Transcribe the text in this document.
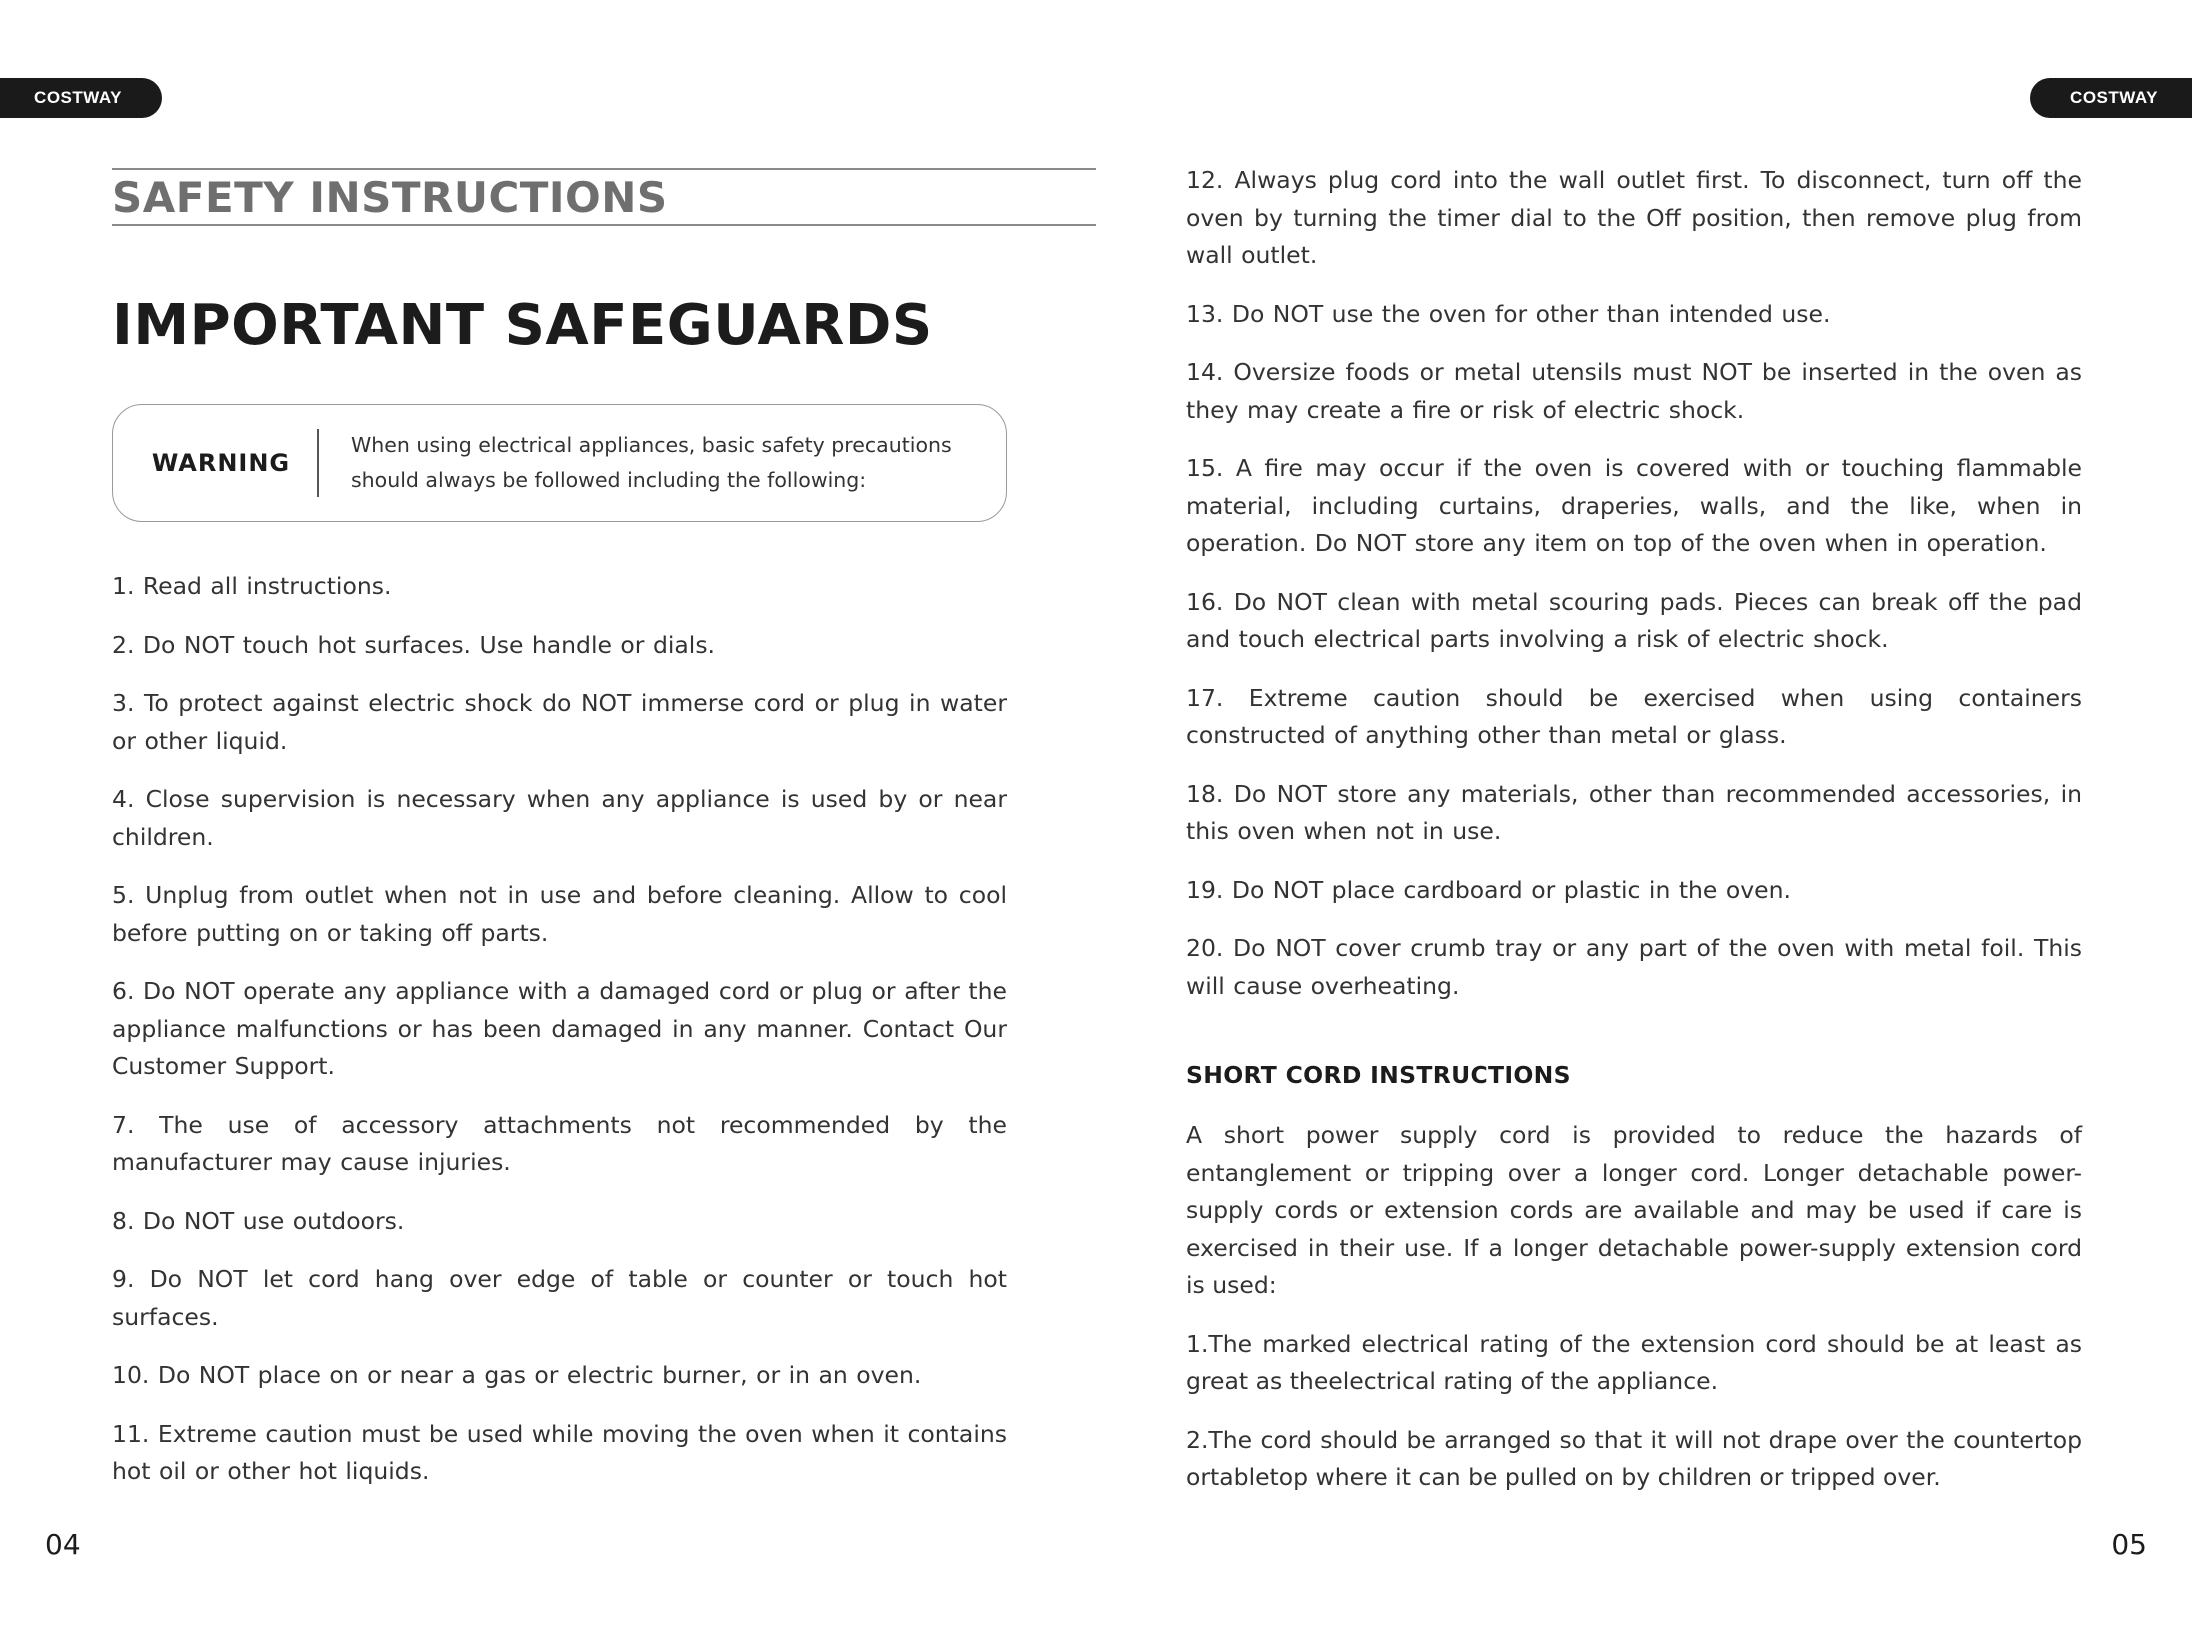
COSTWAY	COSTWAY
SAFETY INSTRUCTIONS
IMPORTANT SAFEGUARDS
WARNING
When using electrical appliances, basic safety precautions
should always be followed including the following:
1. Read all instructions.
2. Do NOT touch hot surfaces. Use handle or dials.
3. To protect against electric shock do NOT immerse cord or plug in water or other liquid.
4. Close supervision is necessary when any appliance is used by or near children.
5. Unplug from outlet when not in use and before cleaning. Allow to cool before putting on or taking off parts.
6. Do NOT operate any appliance with a damaged cord or plug or after the appliance malfunctions or has been damaged in any manner. Contact Our Customer Support.
7. The use of accessory attachments not recommended by the manufacturer may cause injuries.
8. Do NOT use outdoors.
9. Do NOT let cord hang over edge of table or counter or touch hot surfaces.
10. Do NOT place on or near a gas or electric burner, or in an oven.
11. Extreme caution must be used while moving the oven when it contains hot oil or other hot liquids.
12. Always plug cord into the wall outlet first. To disconnect, turn off the oven by turning the timer dial to the Off position, then remove plug from wall outlet.
13. Do NOT use the oven for other than intended use.
14. Oversize foods or metal utensils must NOT be inserted in the oven as they may create a fire or risk of electric shock.
15. A fire may occur if the oven is covered with or touching flammable material, including curtains, draperies, walls, and the like, when in operation. Do NOT store any item on top of the oven when in operation.
16. Do NOT clean with metal scouring pads. Pieces can break off the pad and touch electrical parts involving a risk of electric shock.
17. Extreme caution should be exercised when using containers constructed of anything other than metal or glass.
18. Do NOT store any materials, other than recommended accessories, in this oven when not in use.
19. Do NOT place cardboard or plastic in the oven.
20. Do NOT cover crumb tray or any part of the oven with metal foil. This will cause overheating.
SHORT CORD INSTRUCTIONS

A short power supply cord is provided to reduce the hazards of entanglement or tripping over a longer cord. Longer detachable power-supply cords or extension cords are available and may be used if care is exercised in their use. If a longer detachable power-supply extension cord is used:

1.The marked electrical rating of the extension cord should be at least as great as theelectrical rating of the appliance.

2.The cord should be arranged so that it will not drape over the countertop ortabletop where it can be pulled on by children or tripped over.

04	05
